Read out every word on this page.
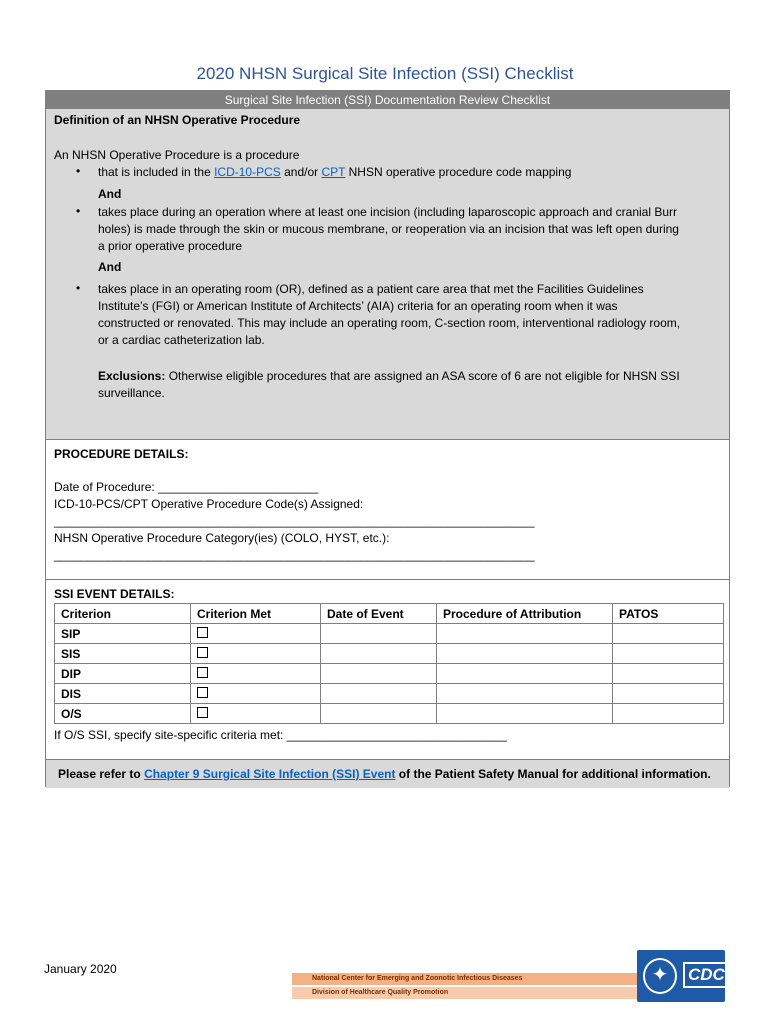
2020 NHSN Surgical Site Infection (SSI) Checklist
Surgical Site Infection (SSI) Documentation Review Checklist
Definition of an NHSN Operative Procedure
An NHSN Operative Procedure is a procedure
• that is included in the ICD-10-PCS and/or CPT NHSN operative procedure code mapping
And
• takes place during an operation where at least one incision (including laparoscopic approach and cranial Burr
holes) is made through the skin or mucous membrane, or reoperation via an incision that was left open during
a prior operative procedure
And
• takes place in an operating room (OR), defined as a patient care area that met the Facilities Guidelines
Institute’s (FGI) or American Institute of Architects’ (AIA) criteria for an operating room when it was
constructed or renovated. This may include an operating room, C-section room, interventional radiology room,
or a cardiac catheterization lab.
Exclusions: Otherwise eligible procedures that are assigned an ASA score of 6 are not eligible for NHSN SSI
surveillance.
PROCEDURE DETAILS:
Date of Procedure: ________________________
ICD-10-PCS/CPT Operative Procedure Code(s) Assigned:
________________________________________________________________________
NHSN Operative Procedure Category(ies) (COLO, HYST, etc.):
________________________________________________________________________
SSI EVENT DETAILS:
Criterion	Criterion Met	Date of Event	Procedure of Attribution	PATOS
SIP				
SIS				
DIP				
DIS				
O/S				
If O/S SSI, specify site-specific criteria met: _________________________________
Please refer to Chapter 9 Surgical Site Infection (SSI) Event of the Patient Safety Manual for additional information.
January 2020
National Center for Emerging and Zoonotic Infectious Diseases
Division of Healthcare Quality Promotion
✦	CDC
